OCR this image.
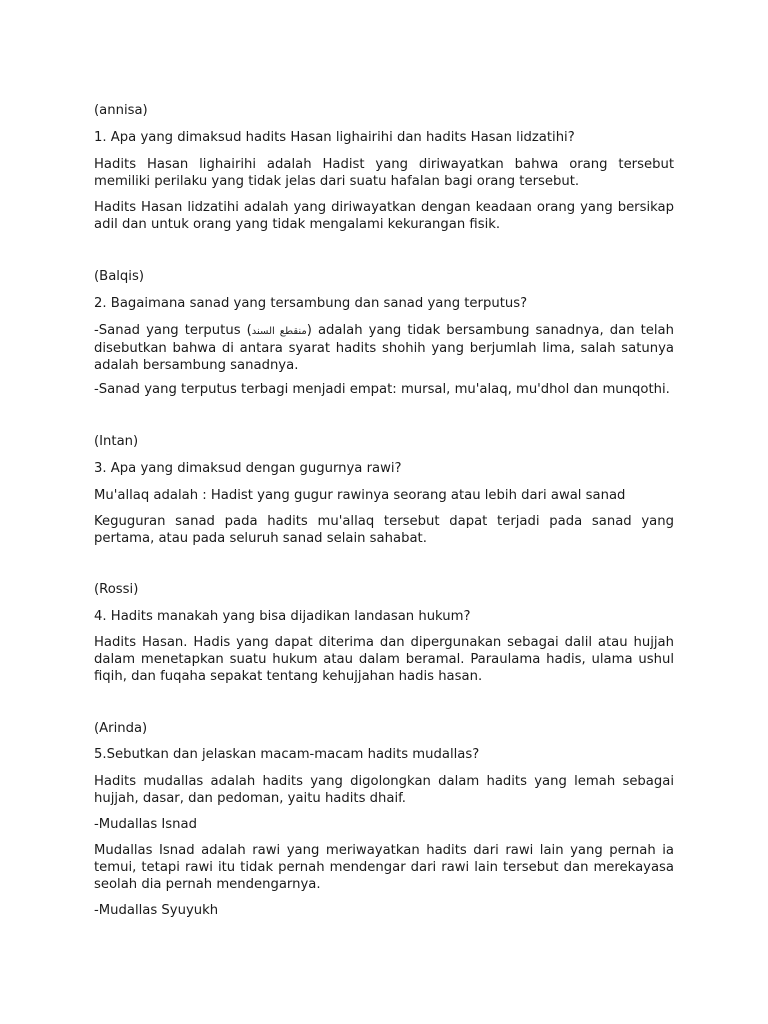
(annisa)
1. Apa yang dimaksud hadits Hasan lighairihi dan hadits Hasan lidzatihi?
Hadits Hasan lighairihi adalah Hadist yang diriwayatkan bahwa orang tersebut memiliki perilaku yang tidak jelas dari suatu hafalan bagi orang tersebut.
Hadits Hasan lidzatihi adalah yang diriwayatkan dengan keadaan orang yang bersikap adil dan untuk orang yang tidak mengalami kekurangan fisik.
(Balqis)
2. Bagaimana sanad yang tersambung dan sanad yang terputus?
-Sanad yang terputus (منقطع السند) adalah yang tidak bersambung sanadnya, dan telah disebutkan bahwa di antara syarat hadits shohih yang berjumlah lima, salah satunya adalah bersambung sanadnya.
-Sanad yang terputus terbagi menjadi empat: mursal, mu'alaq, mu'dhol dan munqothi.
(Intan)
3. Apa yang dimaksud dengan gugurnya rawi?
Mu'allaq adalah : Hadist yang gugur rawinya seorang atau lebih dari awal sanad
Keguguran sanad pada hadits mu'allaq tersebut dapat terjadi pada sanad yang pertama, atau pada seluruh sanad selain sahabat.
(Rossi)
4. Hadits manakah yang bisa dijadikan landasan hukum?
Hadits Hasan. Hadis yang dapat diterima dan dipergunakan sebagai dalil atau hujjah dalam menetapkan suatu hukum atau dalam beramal. Paraulama hadis, ulama ushul fiqih, dan fuqaha sepakat tentang kehujjahan hadis hasan.
(Arinda)
5.Sebutkan dan jelaskan macam-macam hadits mudallas?
Hadits mudallas adalah hadits yang digolongkan dalam hadits yang lemah sebagai hujjah, dasar, dan pedoman, yaitu hadits dhaif.
-Mudallas Isnad
Mudallas Isnad adalah rawi yang meriwayatkan hadits dari rawi lain yang pernah ia temui, tetapi rawi itu tidak pernah mendengar dari rawi lain tersebut dan merekayasa seolah dia pernah mendengarnya.
-Mudallas Syuyukh
